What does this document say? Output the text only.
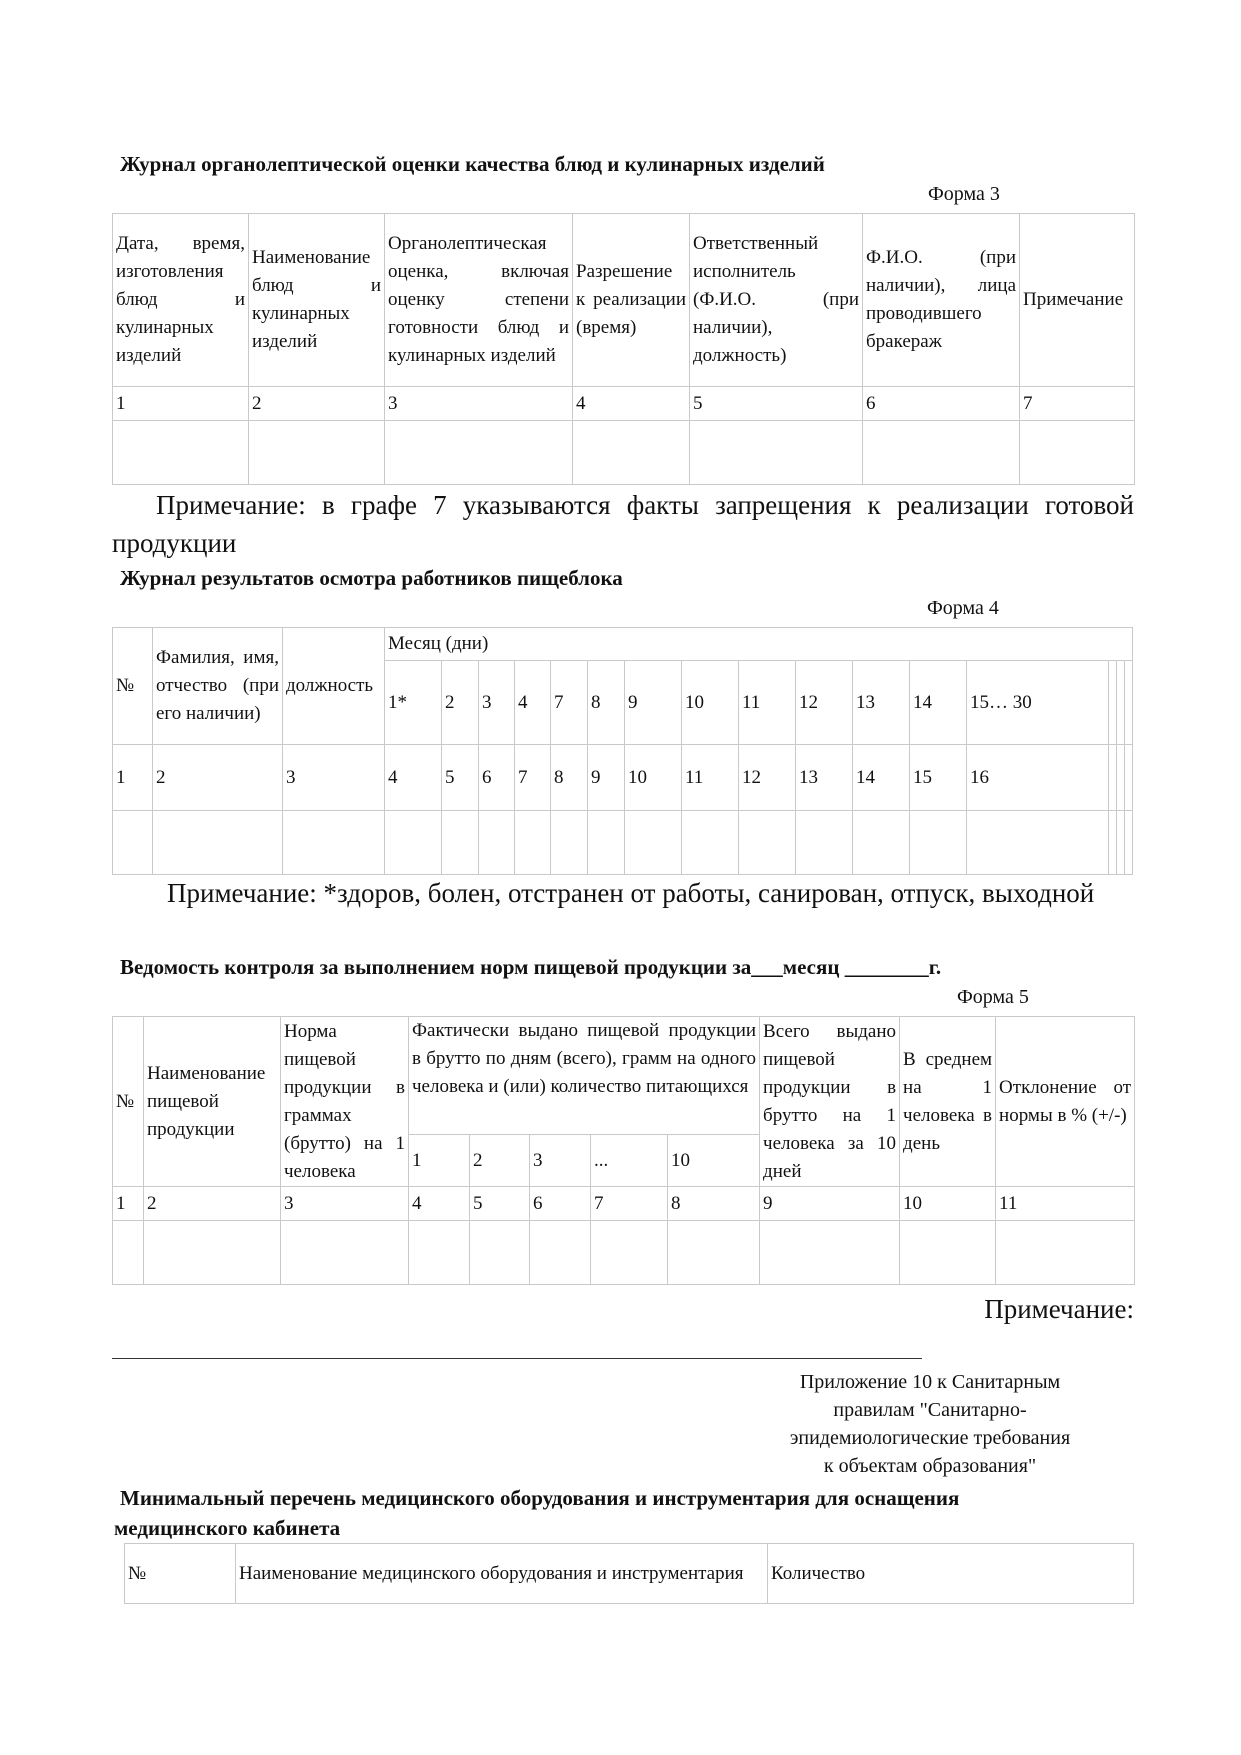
Журнал органолептической оценки качества блюд и кулинарных изделий
Форма 3
Дата, время, изготовления блюд и кулинарных изделий	Наименование блюд и кулинарных изделий	Органолептическая оценка, включая оценку степени готовности блюд и кулинарных изделий	Разрешение к реализации (время)	Ответственный исполнитель (Ф.И.О. (при наличии), должность)	Ф.И.О. (при наличии), лица проводившего бракераж	Примечание
1	2	3	4	5	6	7

Примечание: в графе 7 указываются факты запрещения к реализации готовой продукции
Журнал результатов осмотра работников пищеблока
Форма 4
№	Фамилия, имя, отчество (при его наличии)	должность	Месяц (дни)															
			1*	2	3	4	7	8	9	10	11	12	13	14	15… 30			
1	2	3	4	5	6	7	8	9	10	11	12	13	14	15	16			

Примечание: *здоров, болен, отстранен от работы, санирован, отпуск, выходной
Ведомость контроля за выполнением норм пищевой продукции за___месяц ________г.
Форма 5
№	Наименование пищевой продукции	Норма пищевой продукции в граммах (брутто) на 1 человека	Фактически выдано пищевой продукции в брутто по дням (всего), грамм на одного человека и (или) количество питающихся					Всего выдано пищевой продукции в брутто на 1 человека за 10 дней	В среднем на 1 человека в день	Отклонение от нормы в % (+/-)
			1	2	3	...	10			
1	2	3	4	5	6	7	8	9	10	11

Примечание:
Приложение 10 к Санитарным
правилам "Санитарно-
эпидемиологические требования
к объектам образования"
Минимальный перечень медицинского оборудования и инструментария для оснащения
медицинского кабинета
№	Наименование медицинского оборудования и инструментария	Количество
